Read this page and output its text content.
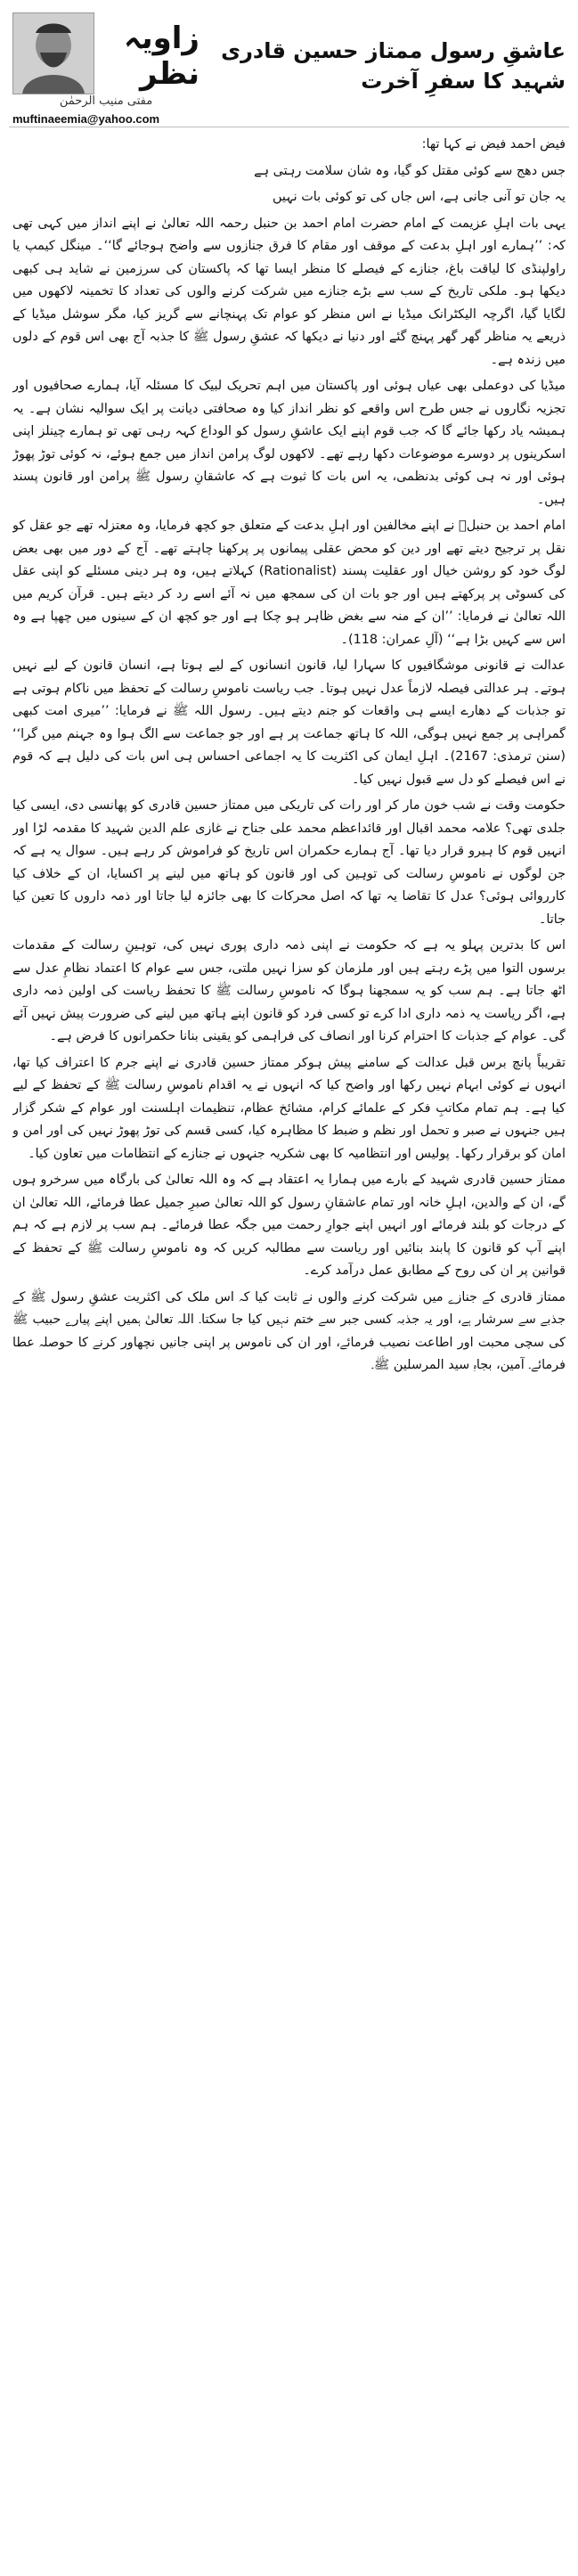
زاویہ نظر
مفتی منیب الرحمٰن
muftinaeemia@yahoo.com
عاشقِ رسول ممتاز حسین قادری شہید کا سفرِ آخرت

فیض احمد فیض نے کہا تھا:

جس دھج سے کوئی مقتل کو گیا، وہ شان سلامت رہتی ہے

یہ جان تو آنی جانی ہے، اس جاں کی تو کوئی بات نہیں

یہی بات اہلِ عزیمت کے امام حضرت امام احمد بن حنبل رحمہ اللہ تعالیٰ نے اپنے انداز میں کہی تھی کہ: ’’ہمارے اور اہلِ بدعت کے موقف اور مقام کا فرق جنازوں سے واضح ہوجائے گا‘‘۔ مینگل کیمپ یا راولپنڈی کا لیاقت باغ، جنازے کے فیصلے کا منظر ایسا تھا کہ پاکستان کی سرزمین نے شاید ہی کبھی دیکھا ہو۔ ملکی تاریخ کے سب سے بڑے جنازے میں شرکت کرنے والوں کی تعداد کا تخمینہ لاکھوں میں لگایا گیا، اگرچہ الیکٹرانک میڈیا نے اس منظر کو عوام تک پہنچانے سے گریز کیا، مگر سوشل میڈیا کے ذریعے یہ مناظر گھر گھر پہنچ گئے اور دنیا نے دیکھا کہ عشقِ رسول ﷺ کا جذبہ آج بھی اس قوم کے دلوں میں زندہ ہے۔

میڈیا کی دوعملی بھی عیاں ہوئی اور پاکستان میں اہم تحریک لبیک کا مسئلہ آیا، ہمارے صحافیوں اور تجزیہ نگاروں نے جس طرح اس واقعے کو نظر انداز کیا وہ صحافتی دیانت پر ایک سوالیہ نشان ہے۔ یہ ہمیشہ یاد رکھا جائے گا کہ جب قوم اپنے ایک عاشقِ رسول کو الوداع کہہ رہی تھی تو ہمارے چینلز اپنی اسکرینوں پر دوسرے موضوعات دکھا رہے تھے۔ لاکھوں لوگ پرامن انداز میں جمع ہوئے، نہ کوئی توڑ پھوڑ ہوئی اور نہ ہی کوئی بدنظمی، یہ اس بات کا ثبوت ہے کہ عاشقانِ رسول ﷺ پرامن اور قانون پسند ہیں۔

امام احمد بن حنبلؒ نے اپنے مخالفین اور اہلِ بدعت کے متعلق جو کچھ فرمایا، وہ معتزلہ تھے جو عقل کو نقل پر ترجیح دیتے تھے اور دین کو محض عقلی پیمانوں پر پرکھنا چاہتے تھے۔ آج کے دور میں بھی بعض لوگ خود کو روشن خیال اور عقلیت پسند (Rationalist) کہلاتے ہیں، وہ ہر دینی مسئلے کو اپنی عقل کی کسوٹی پر پرکھتے ہیں اور جو بات ان کی سمجھ میں نہ آئے اسے رد کر دیتے ہیں۔ قرآن کریم میں اللہ تعالیٰ نے فرمایا: ’’ان کے منہ سے بغض ظاہر ہو چکا ہے اور جو کچھ ان کے سینوں میں چھپا ہے وہ اس سے کہیں بڑا ہے‘‘ (آلِ عمران: 118)۔

عدالت نے قانونی موشگافیوں کا سہارا لیا، قانون انسانوں کے لیے ہوتا ہے، انسان قانون کے لیے نہیں ہوتے۔ ہر عدالتی فیصلہ لازماً عدل نہیں ہوتا۔ جب ریاست ناموسِ رسالت کے تحفظ میں ناکام ہوتی ہے تو جذبات کے دھارے ایسے ہی واقعات کو جنم دیتے ہیں۔ رسول اللہ ﷺ نے فرمایا: ’’میری امت کبھی گمراہی پر جمع نہیں ہوگی، اللہ کا ہاتھ جماعت پر ہے اور جو جماعت سے الگ ہوا وہ جہنم میں گرا‘‘ (سنن ترمذی: 2167)۔ اہلِ ایمان کی اکثریت کا یہ اجماعی احساس ہی اس بات کی دلیل ہے کہ قوم نے اس فیصلے کو دل سے قبول نہیں کیا۔

حکومت وقت نے شب خون مار کر اور رات کی تاریکی میں ممتاز حسین قادری کو پھانسی دی، ایسی کیا جلدی تھی؟ علامہ محمد اقبال اور قائداعظم محمد علی جناح نے غازی علم الدین شہید کا مقدمہ لڑا اور انہیں قوم کا ہیرو قرار دیا تھا۔ آج ہمارے حکمران اس تاریخ کو فراموش کر رہے ہیں۔ سوال یہ ہے کہ جن لوگوں نے ناموسِ رسالت کی توہین کی اور قانون کو ہاتھ میں لینے پر اکسایا، ان کے خلاف کیا کارروائی ہوئی؟ عدل کا تقاضا یہ تھا کہ اصل محرکات کا بھی جائزہ لیا جاتا اور ذمہ داروں کا تعین کیا جاتا۔

اس کا بدترین پہلو یہ ہے کہ حکومت نے اپنی ذمہ داری پوری نہیں کی، توہینِ رسالت کے مقدمات برسوں التوا میں پڑے رہتے ہیں اور ملزمان کو سزا نہیں ملتی، جس سے عوام کا اعتماد نظامِ عدل سے اٹھ جاتا ہے۔ ہم سب کو یہ سمجھنا ہوگا کہ ناموسِ رسالت ﷺ کا تحفظ ریاست کی اولین ذمہ داری ہے، اگر ریاست یہ ذمہ داری ادا کرے تو کسی فرد کو قانون اپنے ہاتھ میں لینے کی ضرورت پیش نہیں آئے گی۔ عوام کے جذبات کا احترام کرنا اور انصاف کی فراہمی کو یقینی بنانا حکمرانوں کا فرض ہے۔

تقریباً پانچ برس قبل عدالت کے سامنے پیش ہوکر ممتاز حسین قادری نے اپنے جرم کا اعتراف کیا تھا، انہوں نے کوئی ابہام نہیں رکھا اور واضح کیا کہ انہوں نے یہ اقدام ناموسِ رسالت ﷺ کے تحفظ کے لیے کیا ہے۔ ہم تمام مکاتبِ فکر کے علمائے کرام، مشائخ عظام، تنظیمات اہلسنت اور عوام کے شکر گزار ہیں جنہوں نے صبر و تحمل اور نظم و ضبط کا مظاہرہ کیا، کسی قسم کی توڑ پھوڑ نہیں کی اور امن و امان کو برقرار رکھا۔ پولیس اور انتظامیہ کا بھی شکریہ جنہوں نے جنازے کے انتظامات میں تعاون کیا۔

ممتاز حسین قادری شہید کے بارے میں ہمارا یہ اعتقاد ہے کہ وہ اللہ تعالیٰ کی بارگاہ میں سرخرو ہوں گے، ان کے والدین، اہلِ خانہ اور تمام عاشقانِ رسول کو اللہ تعالیٰ صبرِ جمیل عطا فرمائے، اللہ تعالیٰ ان کے درجات کو بلند فرمائے اور انہیں اپنے جوارِ رحمت میں جگہ عطا فرمائے۔ ہم سب پر لازم ہے کہ ہم اپنے آپ کو قانون کا پابند بنائیں اور ریاست سے مطالبہ کریں کہ وہ ناموسِ رسالت ﷺ کے تحفظ کے قوانین پر ان کی روح کے مطابق عمل درآمد کرے۔

ممتاز قادری کے جنازے میں شرکت کرنے والوں نے ثابت کیا کہ اس ملک کی اکثریت عشقِ رسول ﷺ کے جذبے سے سرشار ہے، اور یہ جذبہ کسی جبر سے ختم نہیں کیا جا سکتا۔ اللہ تعالیٰ ہمیں اپنے پیارے حبیب ﷺ کی سچی محبت اور اطاعت نصیب فرمائے، اور ان کی ناموس پر اپنی جانیں نچھاور کرنے کا حوصلہ عطا فرمائے۔ آمین، بجاہِ سید المرسلین ﷺ۔
